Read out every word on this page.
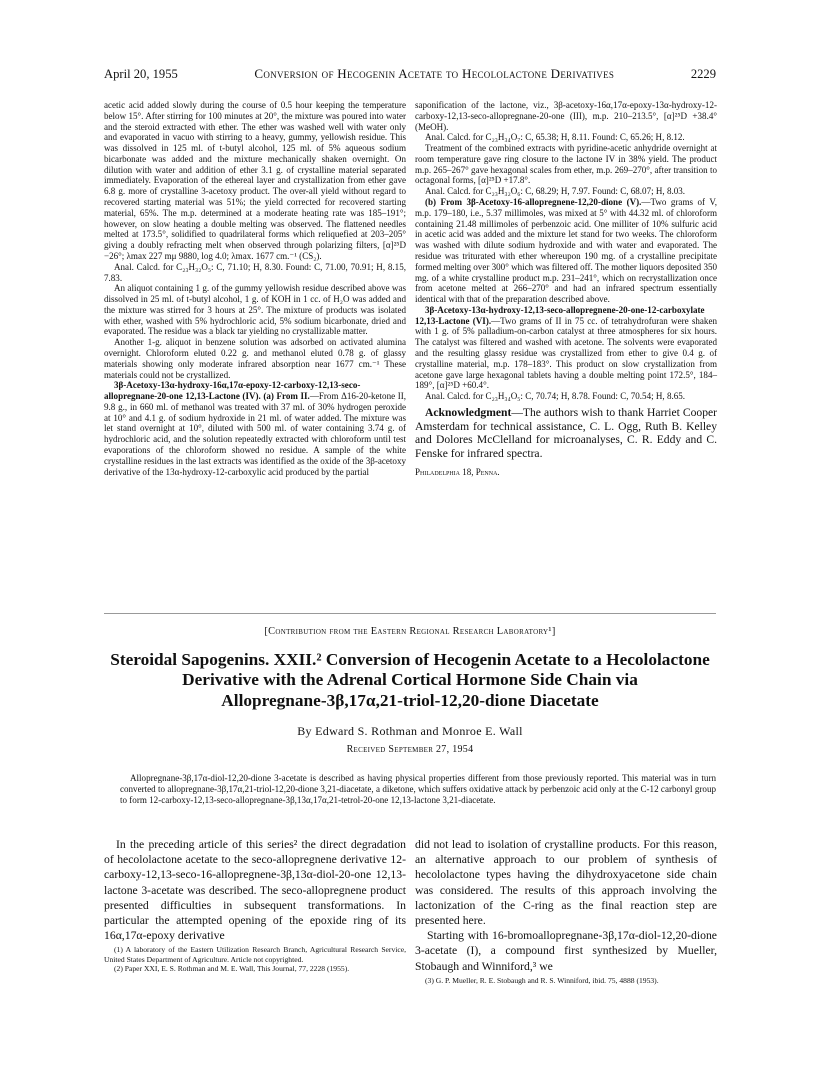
April 20, 1955	Conversion of Hecogenin Acetate to Hecololactone Derivatives	2229

acetic acid added slowly during the course of 0.5 hour keeping the temperature below 15°. After stirring for 100 minutes at 20°, the mixture was poured into water and the steroid extracted with ether. The ether was washed well with water only and evaporated in vacuo with stirring to a heavy, gummy, yellowish residue. This was dissolved in 125 ml. of t-butyl alcohol, 125 ml. of 5% aqueous sodium bicarbonate was added and the mixture mechanically shaken overnight. On dilution with water and addition of ether 3.1 g. of crystalline material separated immediately. Evaporation of the ethereal layer and crystallization from ether gave 6.8 g. more of crystalline 3-acetoxy product. The over-all yield without regard to recovered starting material was 51%; the yield corrected for recovered starting material, 65%. The m.p. determined at a moderate heating rate was 185–191°; however, on slow heating a double melting was observed. The flattened needles melted at 173.5°, solidified to quadrilateral forms which reliquefied at 203–205° giving a doubly refracting melt when observed through polarizing filters, [α]²⁵D −26°; λmax 227 mμ 9880, log 4.0; λmax. 1677 cm.⁻¹ (CS₂).

Anal. Calcd. for C₂₃H₃₂O₅: C, 71.10; H, 8.30. Found: C, 71.00, 70.91; H, 8.15, 7.83.

An aliquot containing 1 g. of the gummy yellowish residue described above was dissolved in 25 ml. of t-butyl alcohol, 1 g. of KOH in 1 cc. of H₂O was added and the mixture was stirred for 3 hours at 25°. The mixture of products was isolated with ether, washed with 5% hydrochloric acid, 5% sodium bicarbonate, dried and evaporated. The residue was a black tar yielding no crystallizable matter.

Another 1-g. aliquot in benzene solution was adsorbed on activated alumina overnight. Chloroform eluted 0.22 g. and methanol eluted 0.78 g. of glassy materials showing only moderate infrared absorption near 1677 cm.⁻¹ These materials could not be crystallized.

3β-Acetoxy-13α-hydroxy-16α,17α-epoxy-12-carboxy-12,13-seco-allopregnane-20-one 12,13-Lactone (IV). (a) From II.—From Δ16-20-ketone II, 9.8 g., in 660 ml. of methanol was treated with 37 ml. of 30% hydrogen peroxide at 10° and 4.1 g. of sodium hydroxide in 21 ml. of water added. The mixture was let stand overnight at 10°, diluted with 500 ml. of water containing 3.74 g. of hydrochloric acid, and the solution repeatedly extracted with chloroform until test evaporations of the chloroform showed no residue. A sample of the white crystalline residues in the last extracts was identified as the oxide of the 3β-acetoxy derivative of the 13α-hydroxy-12-carboxylic acid produced by the partial

saponification of the lactone, viz., 3β-acetoxy-16α,17α-epoxy-13α-hydroxy-12-carboxy-12,13-seco-allopregnane-20-one (III), m.p. 210–213.5°, [α]²⁵D +38.4° (MeOH).

Anal. Calcd. for C₂₃H₃₄O₇: C, 65.38; H, 8.11. Found: C, 65.26; H, 8.12.

Treatment of the combined extracts with pyridine-acetic anhydride overnight at room temperature gave ring closure to the lactone IV in 38% yield. The product m.p. 265–267° gave hexagonal scales from ether, m.p. 269–270°, after transition to octagonal forms, [α]²⁵D +17.8°.

Anal. Calcd. for C₂₃H₃₂O₆: C, 68.29; H, 7.97. Found: C, 68.07; H, 8.03.

(b) From 3β-Acetoxy-16-allopregnene-12,20-dione (V).—Two grams of V, m.p. 179–180, i.e., 5.37 millimoles, was mixed at 5° with 44.32 ml. of chloroform containing 21.48 millimoles of perbenzoic acid. One milliter of 10% sulfuric acid in acetic acid was added and the mixture let stand for two weeks. The chloroform was washed with dilute sodium hydroxide and with water and evaporated. The residue was triturated with ether whereupon 190 mg. of a crystalline precipitate formed melting over 300° which was filtered off. The mother liquors deposited 350 mg. of a white crystalline product m.p. 231–241°, which on recrystallization once from acetone melted at 266–270° and had an infrared spectrum essentially identical with that of the preparation described above.

3β-Acetoxy-13α-hydroxy-12,13-seco-allopregnene-20-one-12-carboxylate 12,13-Lactone (VI).—Two grams of II in 75 cc. of tetrahydrofuran were shaken with 1 g. of 5% palladium-on-carbon catalyst at three atmospheres for six hours. The catalyst was filtered and washed with acetone. The solvents were evaporated and the resulting glassy residue was crystallized from ether to give 0.4 g. of crystalline material, m.p. 178–183°. This product on slow crystallization from acetone gave large hexagonal tablets having a double melting point 172.5°, 184–189°, [α]²⁵D +60.4°.

Anal. Calcd. for C₂₃H₃₄O₅: C, 70.74; H, 8.78. Found: C, 70.54; H, 8.65.

Acknowledgment—The authors wish to thank Harriet Cooper Amsterdam for technical assistance, C. L. Ogg, Ruth B. Kelley and Dolores McClelland for microanalyses, C. R. Eddy and C. Fenske for infrared spectra.

Philadelphia 18, Penna.

[Contribution from the Eastern Regional Research Laboratory¹]
Steroidal Sapogenins. XXII.² Conversion of Hecogenin Acetate to a Hecololactone
Derivative with the Adrenal Cortical Hormone Side Chain via
Allopregnane-3β,17α,21-triol-12,20-dione Diacetate
By Edward S. Rothman and Monroe E. Wall
Received September 27, 1954
Allopregnane-3β,17α-diol-12,20-dione 3-acetate is described as having physical properties different from those previously reported. This material was in turn converted to allopregnane-3β,17α,21-triol-12,20-dione 3,21-diacetate, a diketone, which suffers oxidative attack by perbenzoic acid only at the C-12 carbonyl group to form 12-carboxy-12,13-seco-allopregnane-3β,13α,17α,21-tetrol-20-one 12,13-lactone 3,21-diacetate.

In the preceding article of this series² the direct degradation of hecololactone acetate to the seco-allopregnene derivative 12-carboxy-12,13-seco-16-allopregnene-3β,13α-diol-20-one 12,13-lactone 3-acetate was described. The seco-allopregnene product presented difficulties in subsequent transformations. In particular the attempted opening of the epoxide ring of its 16α,17α-epoxy derivative

(1) A laboratory of the Eastern Utilization Research Branch, Agricultural Research Service, United States Department of Agriculture. Article not copyrighted.
(2) Paper XXI, E. S. Rothman and M. E. Wall, This Journal, 77, 2228 (1955).

did not lead to isolation of crystalline products. For this reason, an alternative approach to our problem of synthesis of hecololactone types having the dihydroxyacetone side chain was considered. The results of this approach involving the lactonization of the C-ring as the final reaction step are presented here.

Starting with 16-bromoallopregnane-3β,17α-diol-12,20-dione 3-acetate (I), a compound first synthesized by Mueller, Stobaugh and Winniford,³ we

(3) G. P. Mueller, R. E. Stobaugh and R. S. Winniford, ibid. 75, 4888 (1953).
